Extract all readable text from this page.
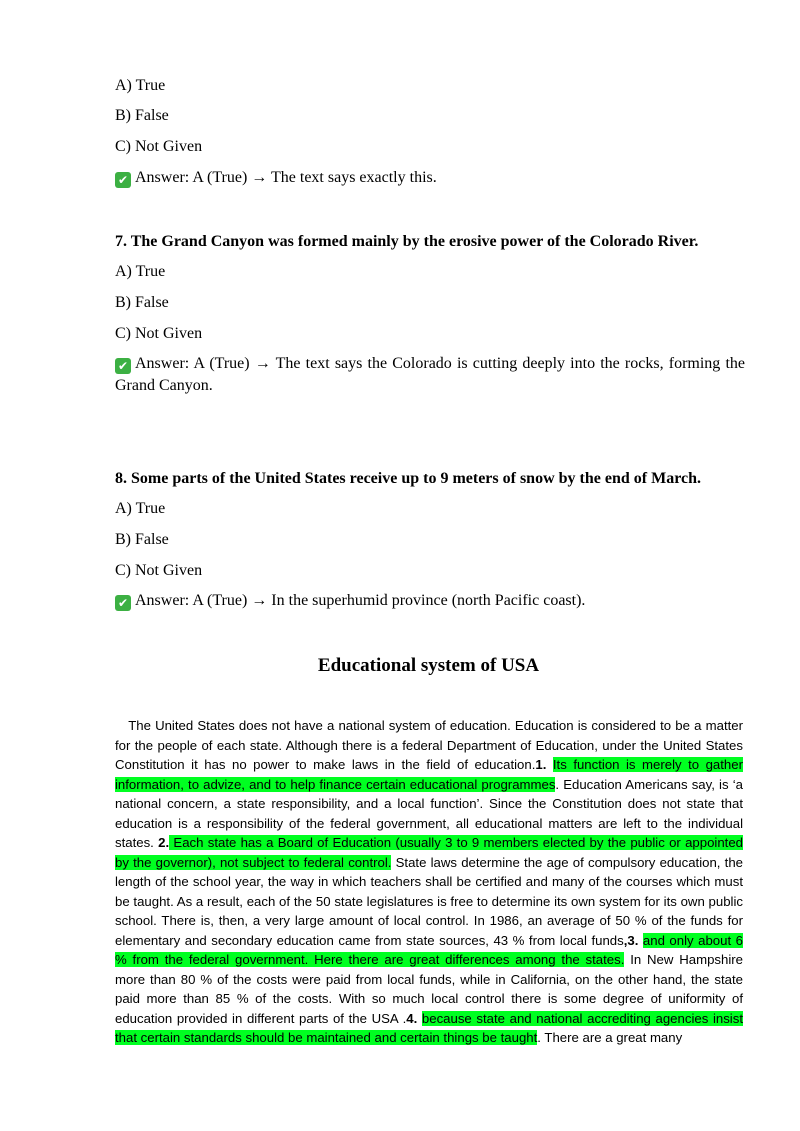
A) True
B) False
C) Not Given
✔ Answer: A (True) → The text says exactly this.
7. The Grand Canyon was formed mainly by the erosive power of the Colorado River.
A) True
B) False
C) Not Given
✔ Answer: A (True) → The text says the Colorado is cutting deeply into the rocks, forming the Grand Canyon.
8. Some parts of the United States receive up to 9 meters of snow by the end of March.
A) True
B) False
C) Not Given
✔ Answer: A (True) → In the superhumid province (north Pacific coast).
Educational system of USA
 The United States does not have a national system of education. Education is considered to be a matter for the people of each state. Although there is a federal Department of Education, under the United States Constitution it has no power to make laws in the field of education.1. Its function is merely to gather information, to advize, and to help finance certain educational programmes. Education Americans say, is ‘a national concern, a state responsibility, and a local function’. Since the Constitution does not state that education is a responsibility of the federal government, all educational matters are left to the individual states. 2. Each state has a Board of Education (usually 3 to 9 members elected by the public or appointed by the governor), not subject to federal control. State laws determine the age of compulsory education, the length of the school year, the way in which teachers shall be certified and many of the courses which must be taught. As a result, each of the 50 state legislatures is free to determine its own system for its own public school. There is, then, a very large amount of local control. In 1986, an average of 50 % of the funds for elementary and secondary education came from state sources, 43 % from local funds,3. and only about 6 % from the federal government. Here there are great differences among the states. In New Hampshire more than 80 % of the costs were paid from local funds, while in California, on the other hand, the state paid more than 85 % of the costs. With so much local control there is some degree of uniformity of education provided in different parts of the USA .4. because state and national accrediting agencies insist that certain standards should be maintained and certain things be taught. There are a great many
